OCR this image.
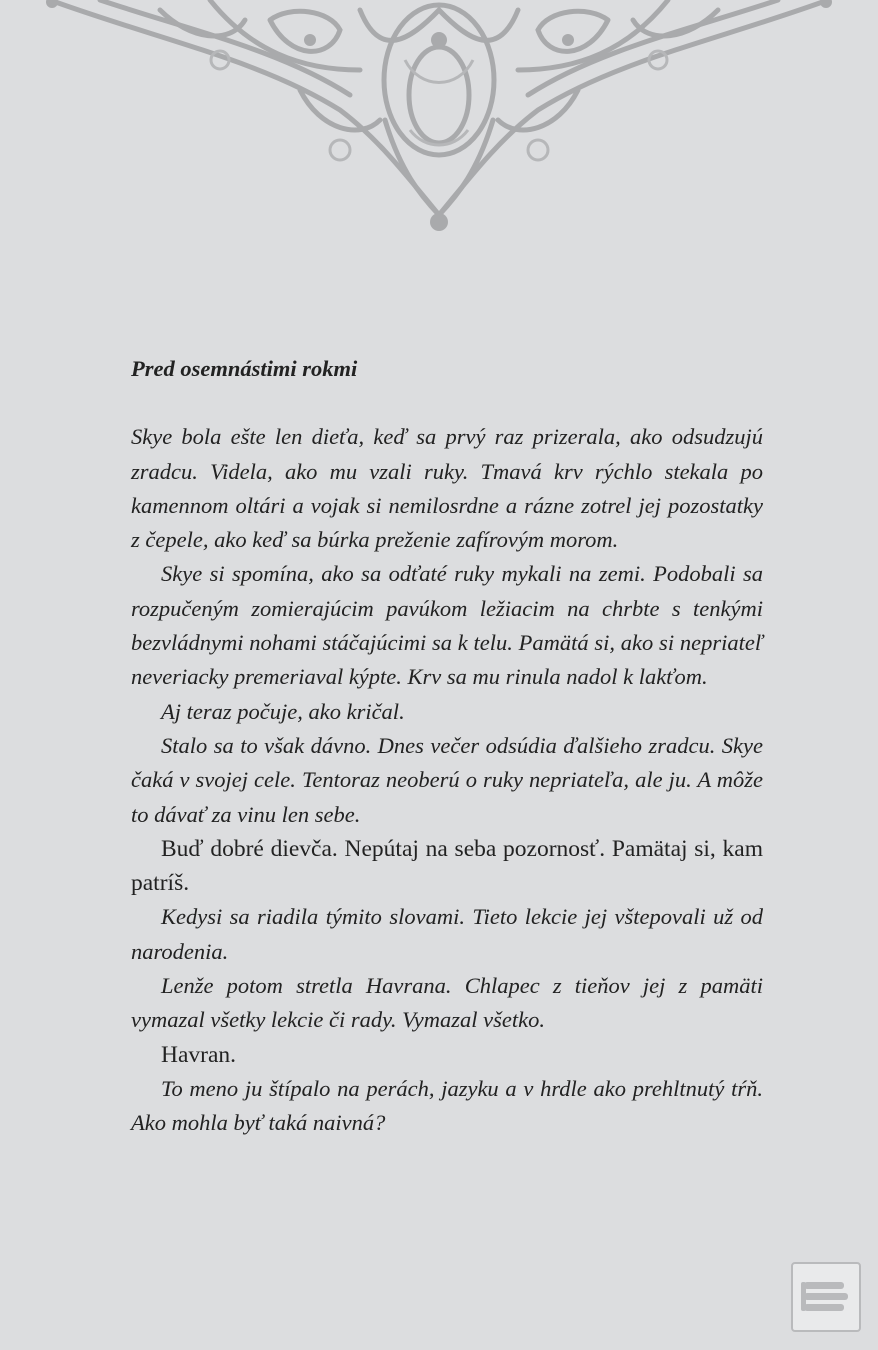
Pred osemnástimi rokmi

Skye bola ešte len dieťa, keď sa prvý raz prizerala, ako odsudzujú zradcu. Videla, ako mu vzali ruky. Tmavá krv rýchlo stekala po kamennom oltári a vojak si nemilosrdne a rázne zotrel jej pozostatky z čepele, ako keď sa búrka preženie zafírovým morom.

Skye si spomína, ako sa odťaté ruky mykali na zemi. Podobali sa rozpučeným zomierajúcim pavúkom ležiacim na chrbte s tenkými bezvládnymi nohami stáčajúcimi sa k telu. Pamätá si, ako si nepriateľ neveriacky premeriaval kýpte. Krv sa mu rinula nadol k lakťom.

Aj teraz počuje, ako kričal.

Stalo sa to však dávno. Dnes večer odsúdia ďalšieho zradcu. Skye čaká v svojej cele. Tentoraz neoberú o ruky nepriateľa, ale ju. A môže to dávať za vinu len sebe.

Buď dobré dievča. Nepútaj na seba pozornosť. Pamätaj si, kam patríš.

Kedysi sa riadila týmito slovami. Tieto lekcie jej vštepovali už od narodenia.

Lenže potom stretla Havrana. Chlapec z tieňov jej z pamäti vymazal všetky lekcie či rady. Vymazal všetko.

Havran.

To meno ju štípalo na perách, jazyku a v hrdle ako prehltnutý tŕň. Ako mohla byť taká naivná?
